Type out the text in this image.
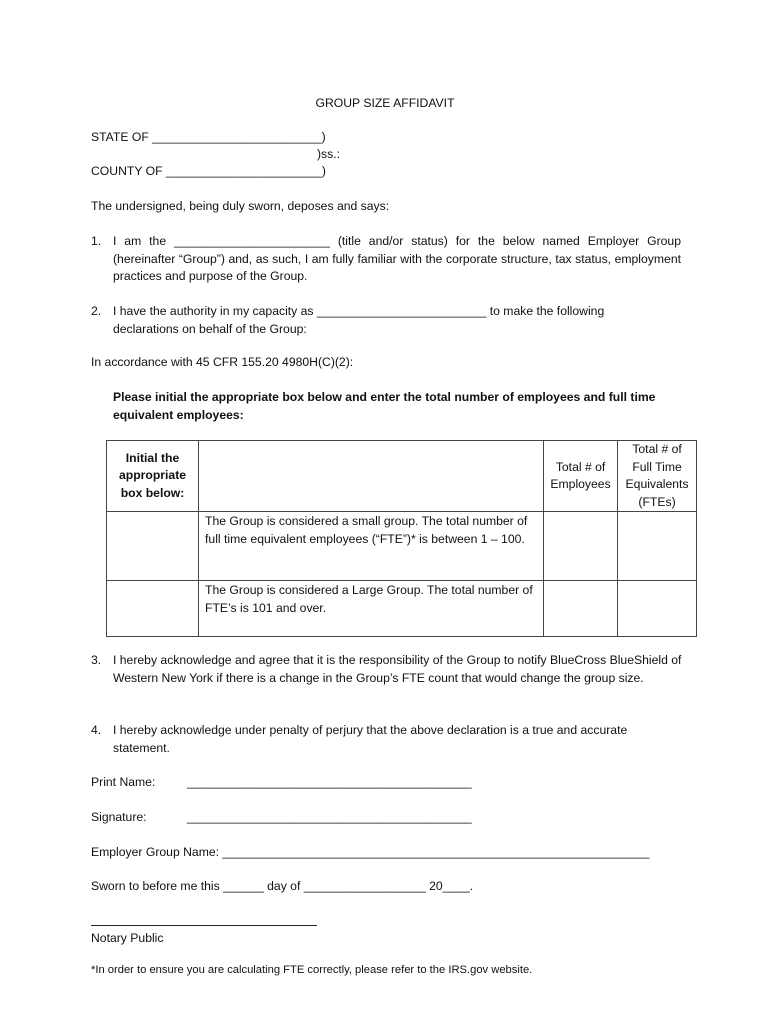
GROUP SIZE AFFIDAVIT
STATE OF _________________________)
)ss.:
COUNTY OF _______________________)
The undersigned, being duly sworn, deposes and says:
1. I am the _______________________ (title and/or status) for the below named Employer Group (hereinafter “Group”) and, as such, I am fully familiar with the corporate structure, tax status, employment practices and purpose of the Group.
2. I have the authority in my capacity as _________________________ to make the following declarations on behalf of the Group:
In accordance with 45 CFR 155.20 4980H(C)(2):
Please initial the appropriate box below and enter the total number of employees and full time equivalent employees:
Initial the appropriate box below:		Total # of Employees	Total # of Full Time Equivalents (FTEs)

	The Group is considered a small group. The total number of full time equivalent employees (“FTE”)* is between 1 – 100.		
	The Group is considered a Large Group. The total number of FTE’s is 101 and over.		
3. I hereby acknowledge and agree that it is the responsibility of the Group to notify BlueCross BlueShield of Western New York if there is a change in the Group’s FTE count that would change the group size.
4. I hereby acknowledge under penalty of perjury that the above declaration is a true and accurate statement.
Print Name:	__________________________________________
Signature:	__________________________________________
Employer Group Name: _______________________________________________________________
Sworn to before me this ______ day of __________________ 20____.
Notary Public
*In order to ensure you are calculating FTE correctly, please refer to the IRS.gov website.
